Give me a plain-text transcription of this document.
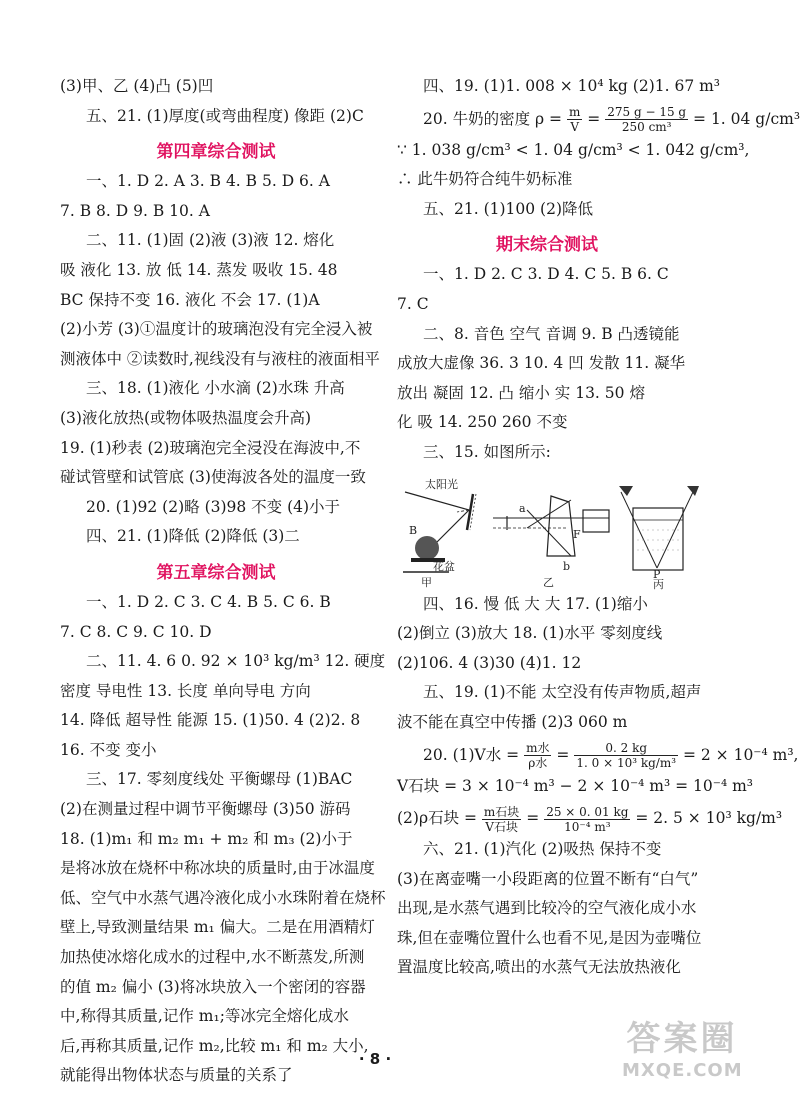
(3)甲、乙 (4)凸 (5)凹
五、21. (1)厚度(或弯曲程度) 像距 (2)C
第四章综合测试
一、1. D 2. A 3. B 4. B 5. D 6. A
7. B 8. D 9. B 10. A
二、11. (1)固 (2)液 (3)液 12. 熔化
吸 液化 13. 放 低 14. 蒸发 吸收 15. 48
BC 保持不变 16. 液化 不会 17. (1)A
(2)小芳 (3)①温度计的玻璃泡没有完全浸入被
测液体中 ②读数时,视线没有与液柱的液面相平
三、18. (1)液化 小水滴 (2)水珠 升高
(3)液化放热(或物体吸热温度会升高)
19. (1)秒表 (2)玻璃泡完全浸没在海波中,不
碰试管壁和试管底 (3)使海波各处的温度一致
20. (1)92 (2)略 (3)98 不变 (4)小于
四、21. (1)降低 (2)降低 (3)二
第五章综合测试
一、1. D 2. C 3. C 4. B 5. C 6. B
7. C 8. C 9. C 10. D
二、11. 4. 6 0. 92 × 10³ kg/m³ 12. 硬度
密度 导电性 13. 长度 单向导电 方向
14. 降低 超导性 能源 15. (1)50. 4 (2)2. 8
16. 不变 变小
三、17. 零刻度线处 平衡螺母 (1)BAC
(2)在测量过程中调节平衡螺母 (3)50 游码
18. (1)m₁ 和 m₂ m₁ + m₂ 和 m₃ (2)小于
是将冰放在烧杯中称冰块的质量时,由于冰温度
低、空气中水蒸气遇冷液化成小水珠附着在烧杯
壁上,导致测量结果 m₁ 偏大。二是在用酒精灯
加热使冰熔化成水的过程中,水不断蒸发,所测
的值 m₂ 偏小 (3)将冰块放入一个密闭的容器
中,称得其质量,记作 m₁;等冰完全熔化成水
后,再称其质量,记作 m₂,比较 m₁ 和 m₂ 大小,
就能得出物体状态与质量的关系了
四、19. (1)1. 008 × 10⁴ kg (2)1. 67 m³
20. 牛奶的密度 $\rho = \frac{m}{V} = \frac{275 g - 15 g}{\text{250 cm³}} = 1$. 04 g/cm³
∵ 1. 038 g/cm³ < 1. 04 g/cm³ < 1. 042 g/cm³,
∴ 此牛奶符合纯牛奶标准
五、21. (1)100 (2)降低
期末综合测试
一、1. D 2. C 3. D 4. C 5. B 6. C
7. C
二、8. 音色 空气 音调 9. B 凸透镜能
成放大虚像 36. 3 10. 4 凹 发散 11. 凝华
放出 凝固 12. 凸 缩小 实 13. 50 熔
化 吸 14. 250 260 不变
三、15. 如图所示:
太阳光
B
花盆
甲
a
b
F
乙
P
丙
四、16. 慢 低 大 大 17. (1)缩小
(2)倒立 (3)放大 18. (1)水平 零刻度线
(2)106. 4 (3)30 (4)1. 12
五、19. (1)不能 太空没有传声物质,超声
波不能在真空中传播 (2)3 060 m
20. (1)V水 = $\frac{\text{m水}}{\text{ρ水}} = \frac{0. 2 kg}{\text{1. 0 × 10³ kg/m³}} = 2 \times 10^{-4}$ m³,
V石块 = 3 × 10⁻⁴ m³ − 2 × 10⁻⁴ m³ = 10⁻⁴ m³
(2)ρ石块 = $\frac{\text{m石块}}{\text{V石块}} = \frac{25 \times 0. 01 kg}{\text{10⁻⁴ m³}} = 2$. 5 × 10³ kg/m³
六、21. (1)汽化 (2)吸热 保持不变
(3)在离壶嘴一小段距离的位置不断有“白气”
出现,是水蒸气遇到比较冷的空气液化成小水
珠,但在壶嘴位置什么也看不见,是因为壶嘴位
置温度比较高,喷出的水蒸气无法放热液化
· 8 ·	答案圈
MXQE.COM
